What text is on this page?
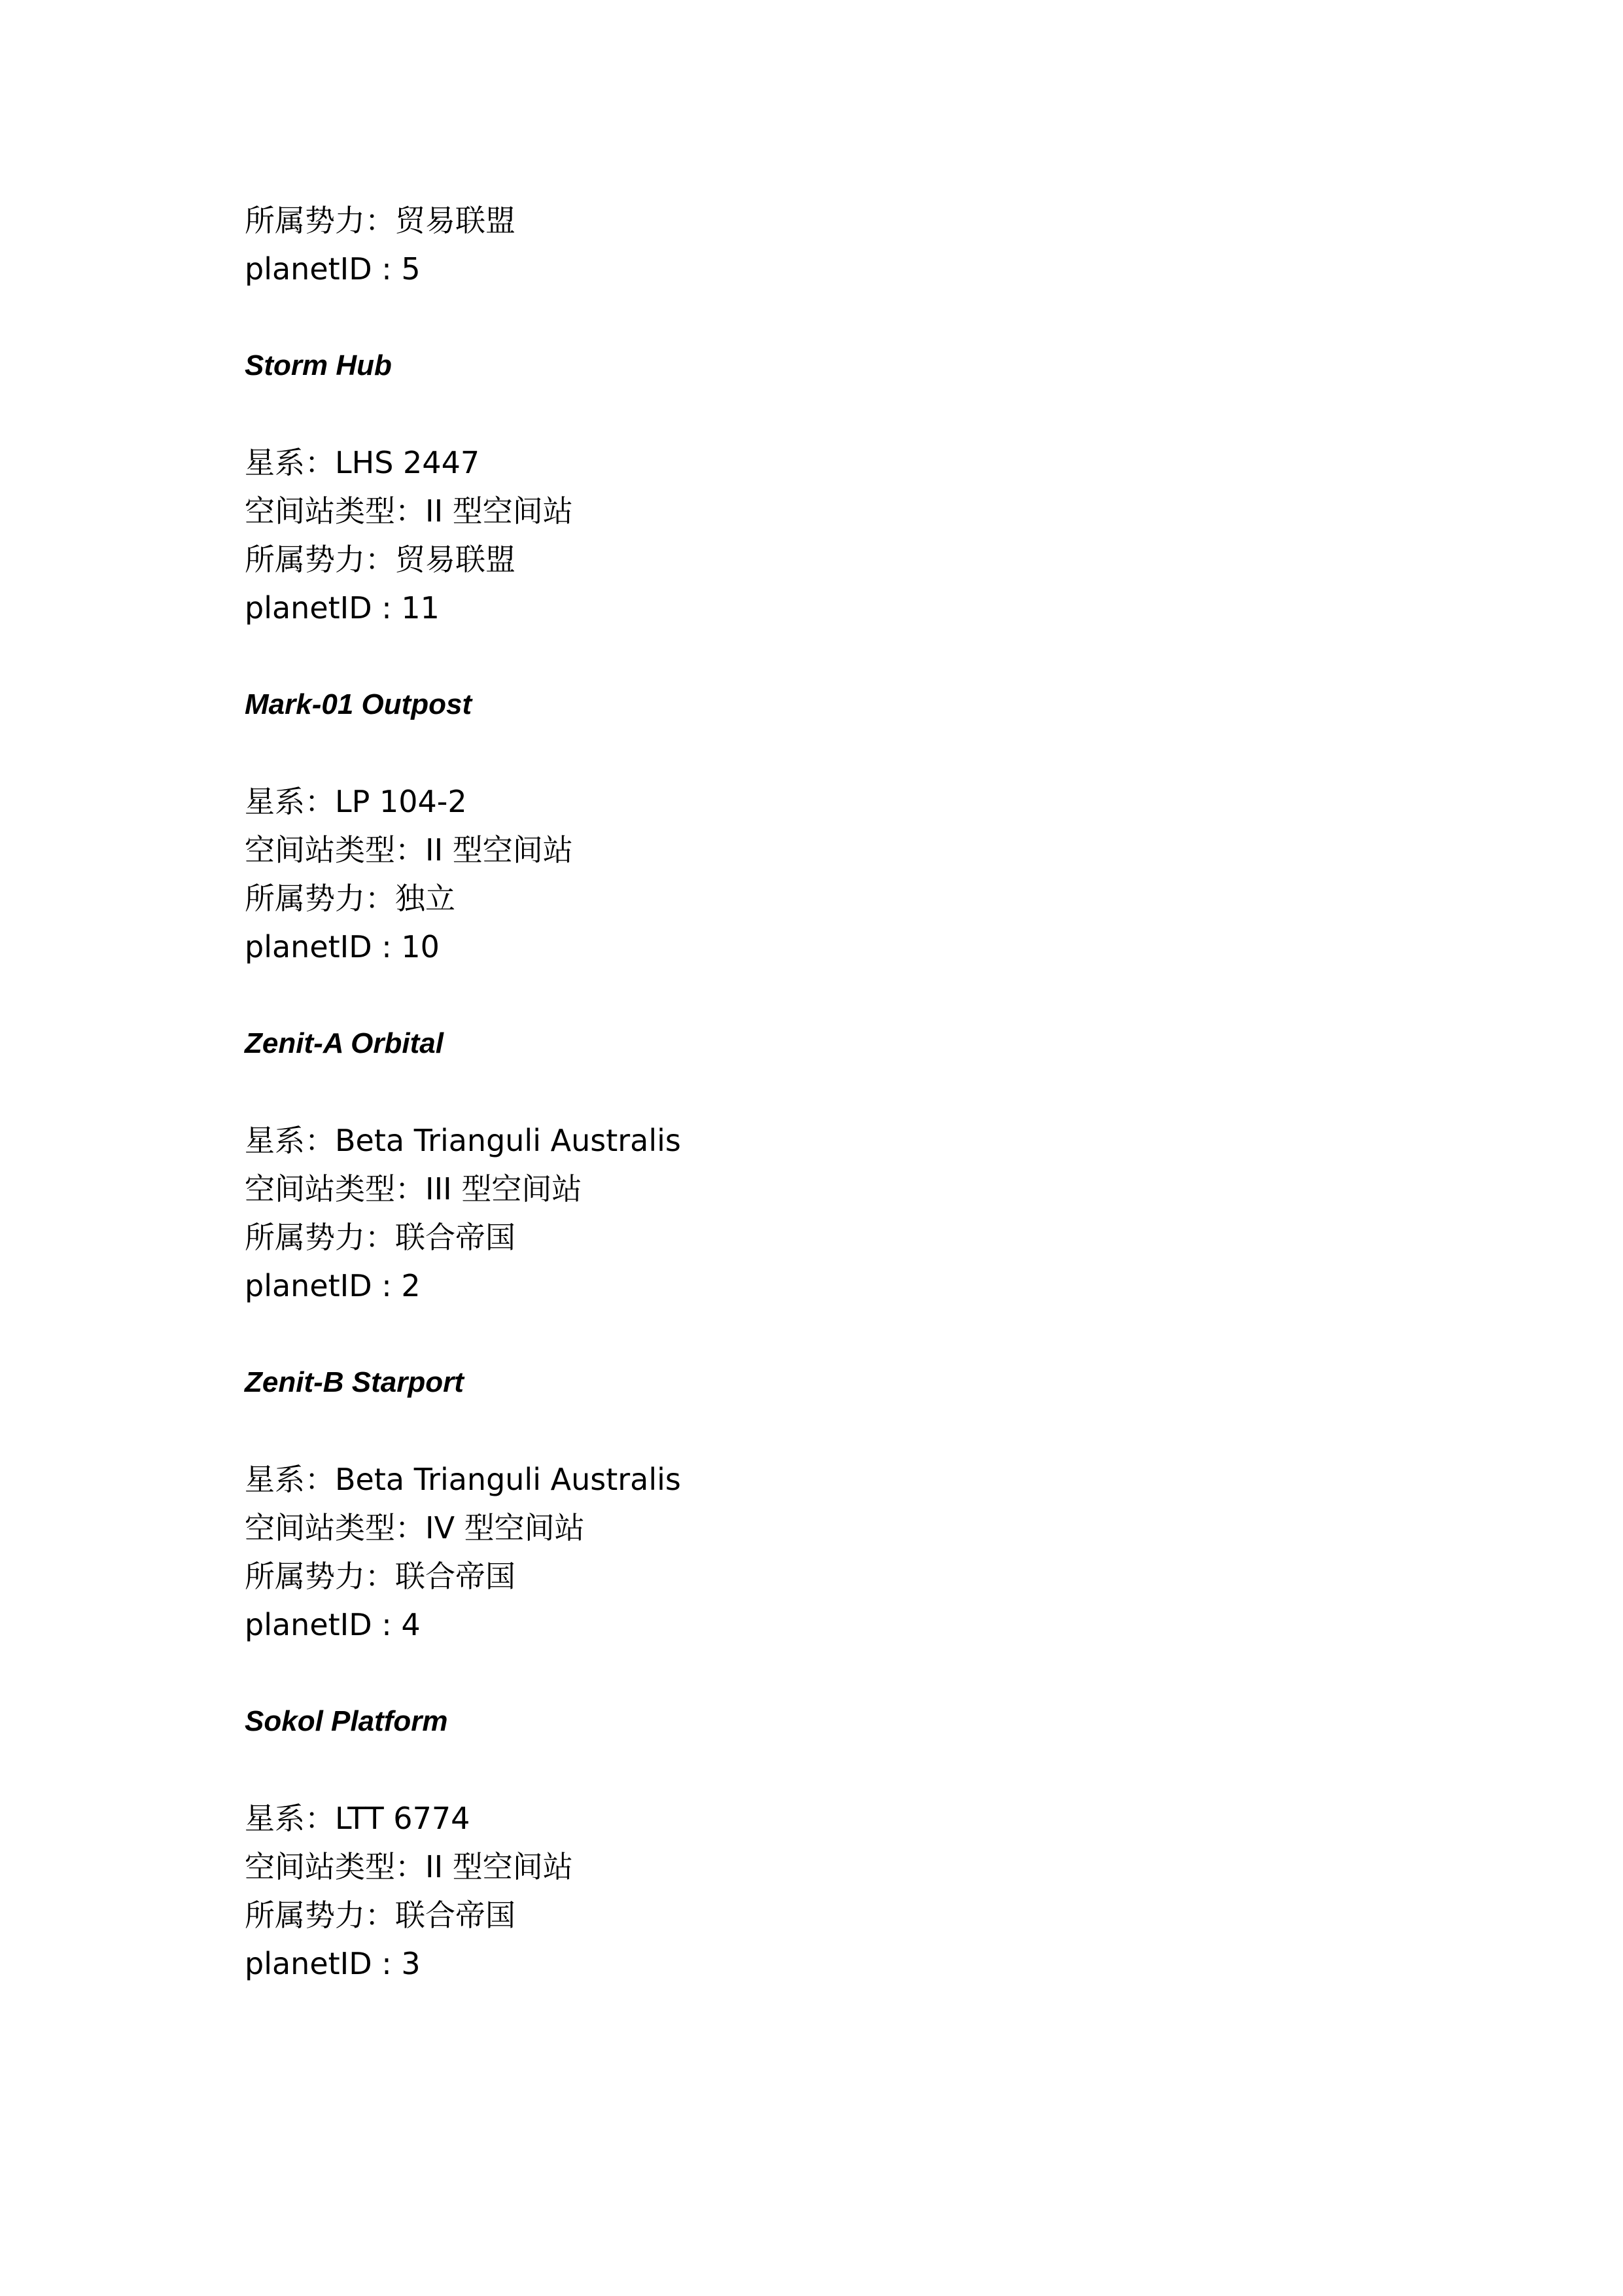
所属势力：贸易联盟
planetID : 5
Storm Hub
星系：LHS 2447
空间站类型：II 型空间站
所属势力：贸易联盟
planetID : 11
Mark-01 Outpost
星系：LP 104-2
空间站类型：II 型空间站
所属势力：独立
planetID : 10
Zenit-A Orbital
星系：Beta Trianguli Australis
空间站类型：III 型空间站
所属势力：联合帝国
planetID : 2
Zenit-B Starport
星系：Beta Trianguli Australis
空间站类型：IV 型空间站
所属势力：联合帝国
planetID : 4
Sokol Platform
星系：LTT 6774
空间站类型：II 型空间站
所属势力：联合帝国
planetID : 3
